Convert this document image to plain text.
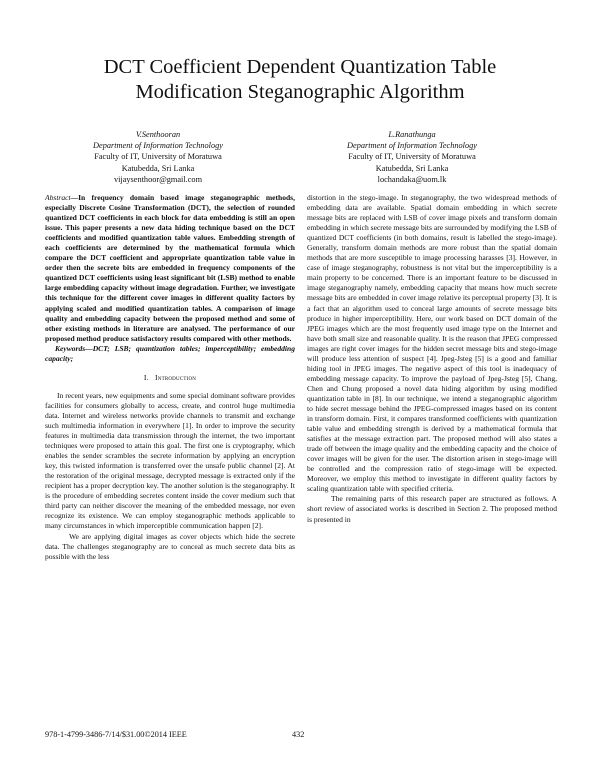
DCT Coefficient Dependent Quantization Table
Modification Steganographic Algorithm
V.Senthooran
Department of Information Technology
Faculty of IT, University of Moratuwa
Katubedda, Sri Lanka
vijaysenthoor@gmail.com
L.Ranathunga
Department of Information Technology
Faculty of IT, University of Moratuwa
Katubedda, Sri Lanka
lochandaka@uom.lk

Abstract—In frequency domain based image steganographic methods, especially Discrete Cosine Transformation (DCT), the selection of rounded quantized DCT coefficients in each block for data embedding is still an open issue. This paper presents a new data hiding technique based on the DCT coefficients and modified quantization table values. Embedding strength of each coefficients are determined by the mathematical formula which compare the DCT coefficient and appropriate quantization table value in order then the secrete bits are embedded in frequency components of the quantized DCT coefficients using least significant bit (LSB) method to enable large embedding capacity without image degradation. Further, we investigate this technique for the different cover images in different quality factors by applying scaled and modified quantization tables. A comparison of image quality and embedding capacity between the proposed method and some of other existing methods in literature are analysed. The performance of our proposed method produce satisfactory results compared with other methods.

Keywords—DCT; LSB; quantization tables; imperceptibility; embedding capacity;

I. Introduction

In recent years, new equipments and some special dominant software provides facilities for consumers globally to access, create, and control huge multimedia data. Internet and wireless networks provide channels to transmit and exchange such multimedia information in everywhere [1]. In order to improve the security features in multimedia data transmission through the internet, the two important techniques were proposed to attain this goal. The first one is cryptography, which enables the sender scrambles the secrete information by applying an encryption key, this twisted information is transferred over the unsafe public channel [2]. At the restoration of the original message, decrypted message is extracted only if the recipient has a proper decryption key. The another solution is the steganography. It is the procedure of embedding secretes content inside the cover medium such that third party can neither discover the meaning of the embedded message, nor even recognize its existence. We can employ steganographic methods applicable to many circumstances in which imperceptible communication happen [2].

We are applying digital images as cover objects which hide the secrete data. The challenges steganography are to conceal as much secrete data bits as possible with the less

distortion in the stego-image. In steganography, the two widespread methods of embedding data are available. Spatial domain embedding in which secrete message bits are replaced with LSB of cover image pixels and transform domain embedding in which secrete message bits are surrounded by modifying the LSB of quantized DCT coefficients (in both domains, result is labelled the stego-image). Generally, transform domain methods are more robust than the spatial domain methods that are more susceptible to image processing harasses [3]. However, in case of image steganography, robustness is not vital but the imperceptibility is a main property to be concerned. There is an important feature to be discussed in image steganography namely, embedding capacity that means how much secrete message bits are embedded in cover image relative its perceptual property [3]. It is a fact that an algorithm used to conceal large amounts of secrete message bits produce in higher imperceptibility. Here, our work based on DCT domain of the JPEG images which are the most frequently used image type on the Internet and have both small size and reasonable quality. It is the reason that JPEG compressed images are right cover images for the hidden secret message bits and stego-image will produce less attention of suspect [4]. Jpeg-Jsteg [5] is a good and familiar hiding tool in JPEG images. The negative aspect of this tool is inadequacy of embedding message capacity. To improve the payload of Jpeg-Jsteg [5], Chang, Chen and Chung proposed a novel data hiding algorithm by using modified quantization table in [8]. In our technique, we intend a steganographic algorithm to hide secret message behind the JPEG-compressed images based on its content in transform domain. First, it compares transformed coefficients with quantization table value and embedding strength is derived by a mathematical formula that satisfies at the message extraction part. The proposed method will also states a trade off between the image quality and the embedding capacity and the choice of cover images will be given for the user. The distortion arisen in stego-image will be controlled and the compression ratio of stego-image will be expected. Moreover, we employ this method to investigate in different quality factors by scaling quantization table with specified criteria.

The remaining parts of this research paper are structured as follows. A short review of associated works is described in Section 2. The proposed method is presented in

978-1-4799-3486-7/14/$31.00©2014 IEEE	432
